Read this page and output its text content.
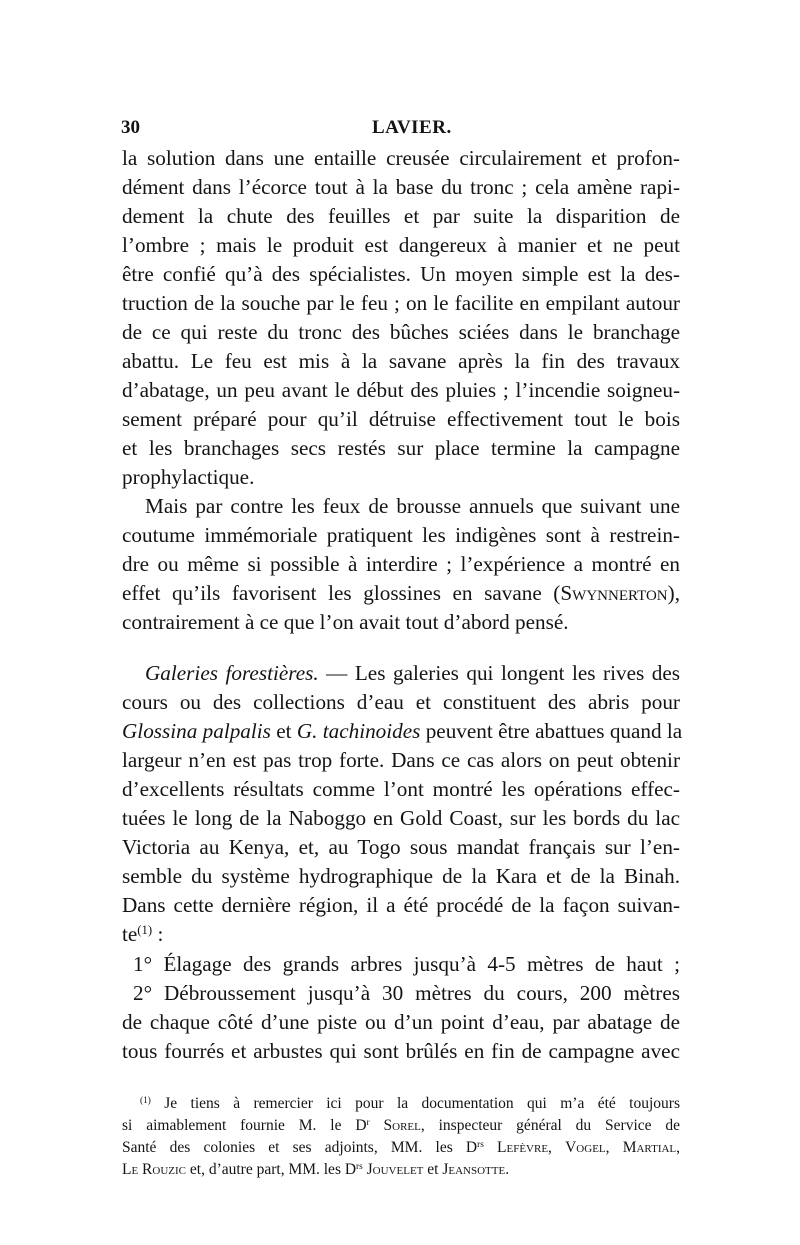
30	LAVIER.
la solution dans une entaille creusée circulairement et profon-
dément dans l’écorce tout à la base du tronc ; cela amène rapi-
dement la chute des feuilles et par suite la disparition de
l’ombre ; mais le produit est dangereux à manier et ne peut
être confié qu’à des spécialistes. Un moyen simple est la des-
truction de la souche par le feu ; on le facilite en empilant autour
de ce qui reste du tronc des bûches sciées dans le branchage
abattu. Le feu est mis à la savane après la fin des travaux
d’abatage, un peu avant le début des pluies ; l’incendie soigneu-
sement préparé pour qu’il détruise effectivement tout le bois
et les branchages secs restés sur place termine la campagne
prophylactique.
Mais par contre les feux de brousse annuels que suivant une
coutume immémoriale pratiquent les indigènes sont à restrein-
dre ou même si possible à interdire ; l’expérience a montré en
effet qu’ils favorisent les glossines en savane (Swynnerton),
contrairement à ce que l’on avait tout d’abord pensé.
Galeries forestières. — Les galeries qui longent les rives des
cours ou des collections d’eau et constituent des abris pour
Glossina palpalis et G. tachinoides peuvent être abattues quand la
largeur n’en est pas trop forte. Dans ce cas alors on peut obtenir
d’excellents résultats comme l’ont montré les opérations effec-
tuées le long de la Naboggo en Gold Coast, sur les bords du lac
Victoria au Kenya, et, au Togo sous mandat français sur l’en-
semble du système hydrographique de la Kara et de la Binah.
Dans cette dernière région, il a été procédé de la façon suivan-
$te^{(1)}$ :
1° Élagage des grands arbres jusqu’à 4-5 mètres de haut ;
2° Débroussement jusqu’à 30 mètres du cours, 200 mètres
de chaque côté d’une piste ou d’un point d’eau, par abatage de
tous fourrés et arbustes qui sont brûlés en fin de campagne avec
$^{(1)}$ Je tiens à remercier ici pour la documentation qui m’a été toujours
si aimablement fournie M. le $D^r$ Sorel, inspecteur général du Service de
Santé des colonies et ses adjoints, MM. les $D^{rs}$ Lefèvre, Vogel, Martial,
Le Rouzic et, d’autre part, MM. les $D^{rs}$ Jouvelet et Jeansotte.
